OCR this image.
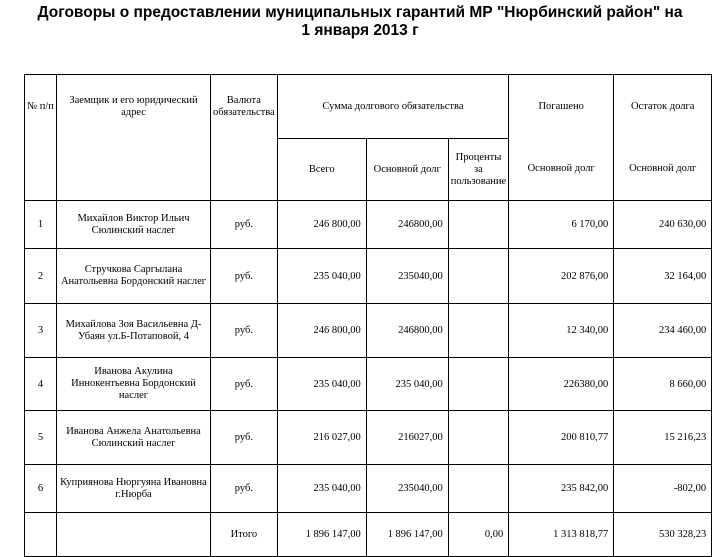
Договоры о предоставлении муниципальных гарантий МР "Нюрбинский район" на
1 января 2013 г
№ п/п	Заемщик и его юридический адрес	Валюта обязательства	Сумма долгового обязательства			Погашено	Остаток долга
			Всего	Основной долг	Проценты за пользование	Основной долг	Основной долг
1	Михайлов Виктор Ильич Сюлинский наслег	руб.	246 800,00	246800,00		6 170,00	240 630,00
2	Стручкова Саргылана Анатольевна Бордонский наслег	руб.	235 040,00	235040,00		202 876,00	32 164,00
3	Михайлова Зоя Васильевна Д-Убаян ул.Б-Потаповой, 4	руб.	246 800,00	246800,00		12 340,00	234 460,00
4	Иванова Акулина Иннокентьевна Бордонский наслег	руб.	235 040,00	235 040,00		226380,00	8 660,00
5	Иванова Анжела Анатольевна Сюлинский наслег	руб.	216 027,00	216027,00		200 810,77	15 216,23
6	Куприянова Нюргуяна Ивановна г.Нюрба	руб.	235 040,00	235040,00		235 842,00	-802,00
		Итого	1 896 147,00	1 896 147,00	0,00	1 313 818,77	530 328,23
